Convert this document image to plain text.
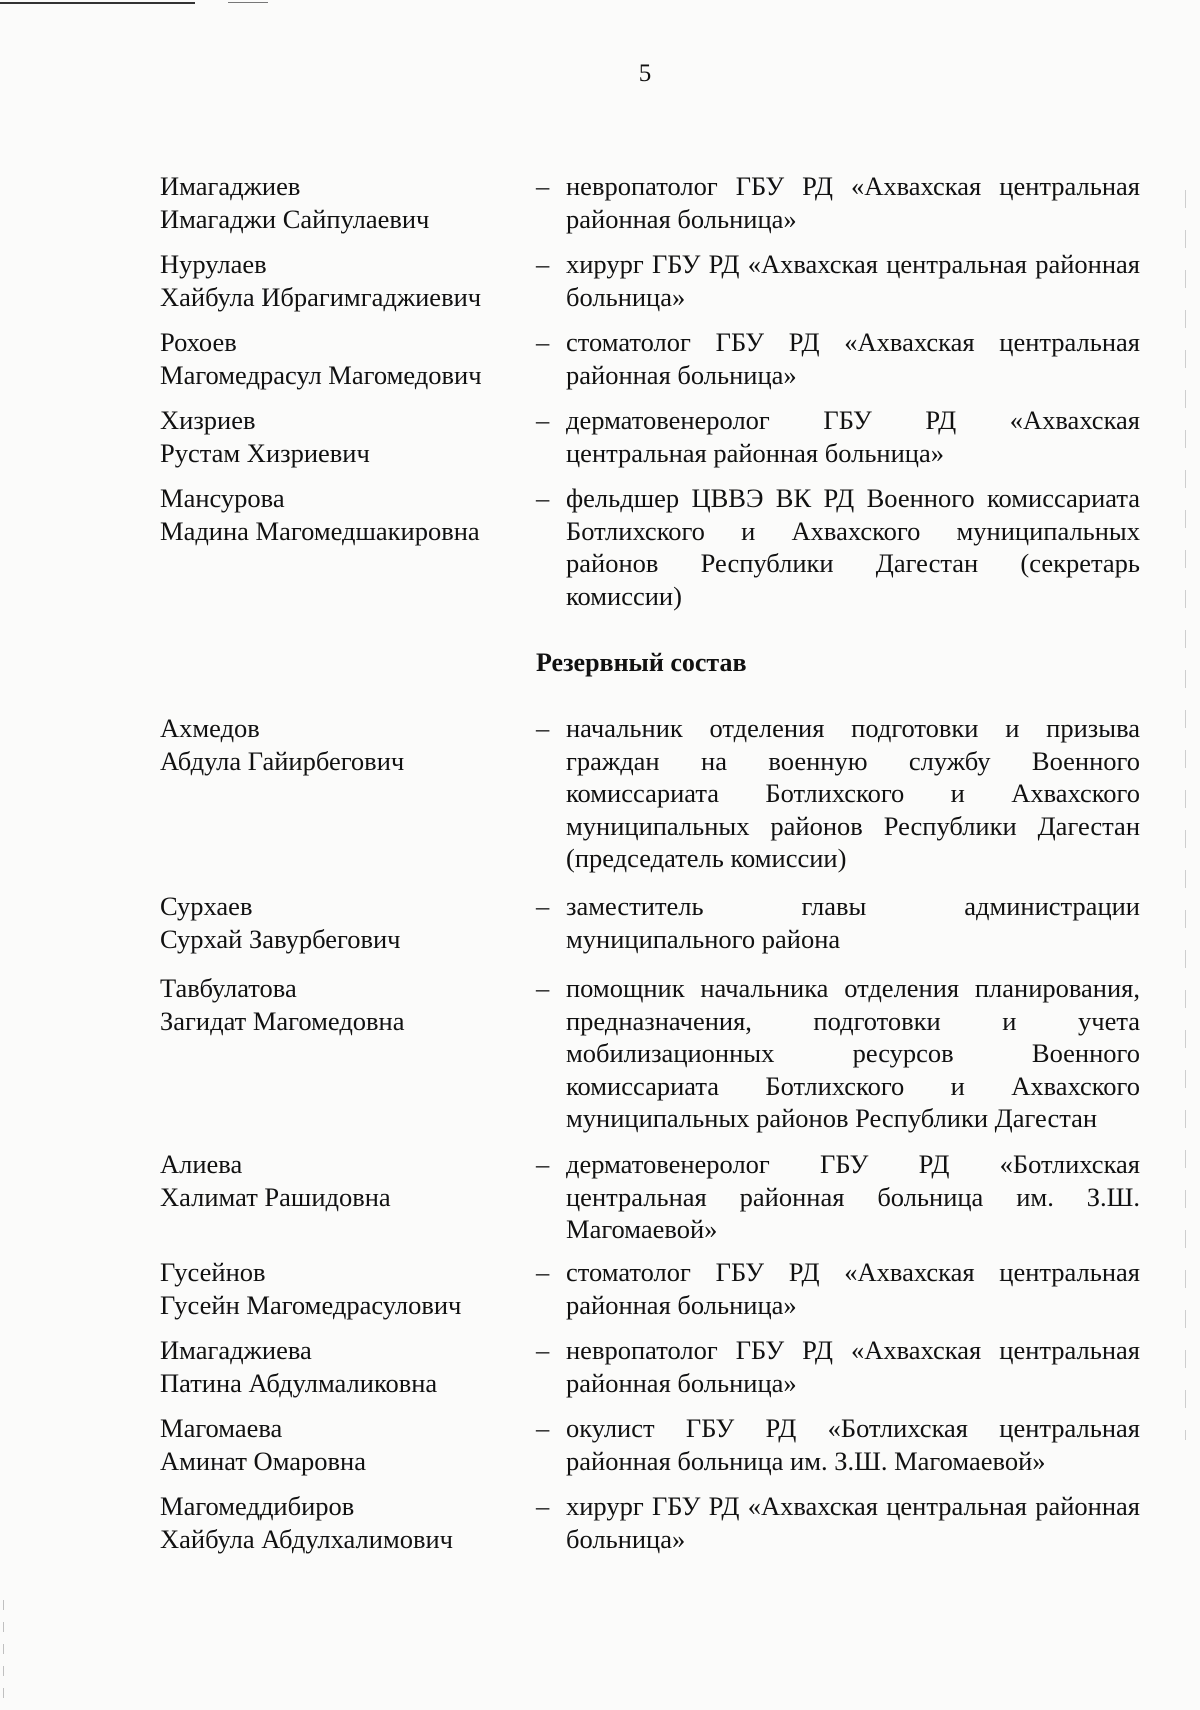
5
Имагаджиев
Имагаджи Сайпулаевич
– невропатолог ГБУ РД «Ахвахская центральная районная больница»
Нурулаев
Хайбула Ибрагимгаджиевич
– хирург ГБУ РД «Ахвахская центральная районная больница»
Рохоев
Магомедрасул Магомедович
– стоматолог ГБУ РД «Ахвахская центральная районная больница»
Хизриев
Рустам Хизриевич
– дерматовенеролог ГБУ РД «Ахвахская центральная районная больница»
Мансурова
Мадина Магомедшакировна
– фельдшер ЦВВЭ ВК РД Военного комиссариата Ботлихского и Ахвахского муниципальных районов Республики Дагестан (секретарь комиссии)
Резервный состав
Ахмедов
Абдула Гайирбегович
– начальник отделения подготовки и призыва граждан на военную службу Военного комиссариата Ботлихского и Ахвахского муниципальных районов Республики Дагестан (председатель комиссии)
Сурхаев
Сурхай Завурбегович
– заместитель главы администрации муниципального района
Тавбулатова
Загидат Магомедовна
– помощник начальника отделения планирования, предназначения, подготовки и учета мобилизационных ресурсов Военного комиссариата Ботлихского и Ахвахского муниципальных районов Республики Дагестан
Алиева
Халимат Рашидовна
– дерматовенеролог ГБУ РД «Ботлихская центральная районная больница им. З.Ш. Магомаевой»
Гусейнов
Гусейн Магомедрасулович
– стоматолог ГБУ РД «Ахвахская центральная районная больница»
Имагаджиева
Патина Абдулмаликовна
– невропатолог ГБУ РД «Ахвахская центральная районная больница»
Магомаева
Аминат Омаровна
– окулист ГБУ РД «Ботлихская центральная районная больница им. З.Ш. Магомаевой»
Магомеддибиров
Хайбула Абдулхалимович
– хирург ГБУ РД «Ахвахская центральная районная больница»
